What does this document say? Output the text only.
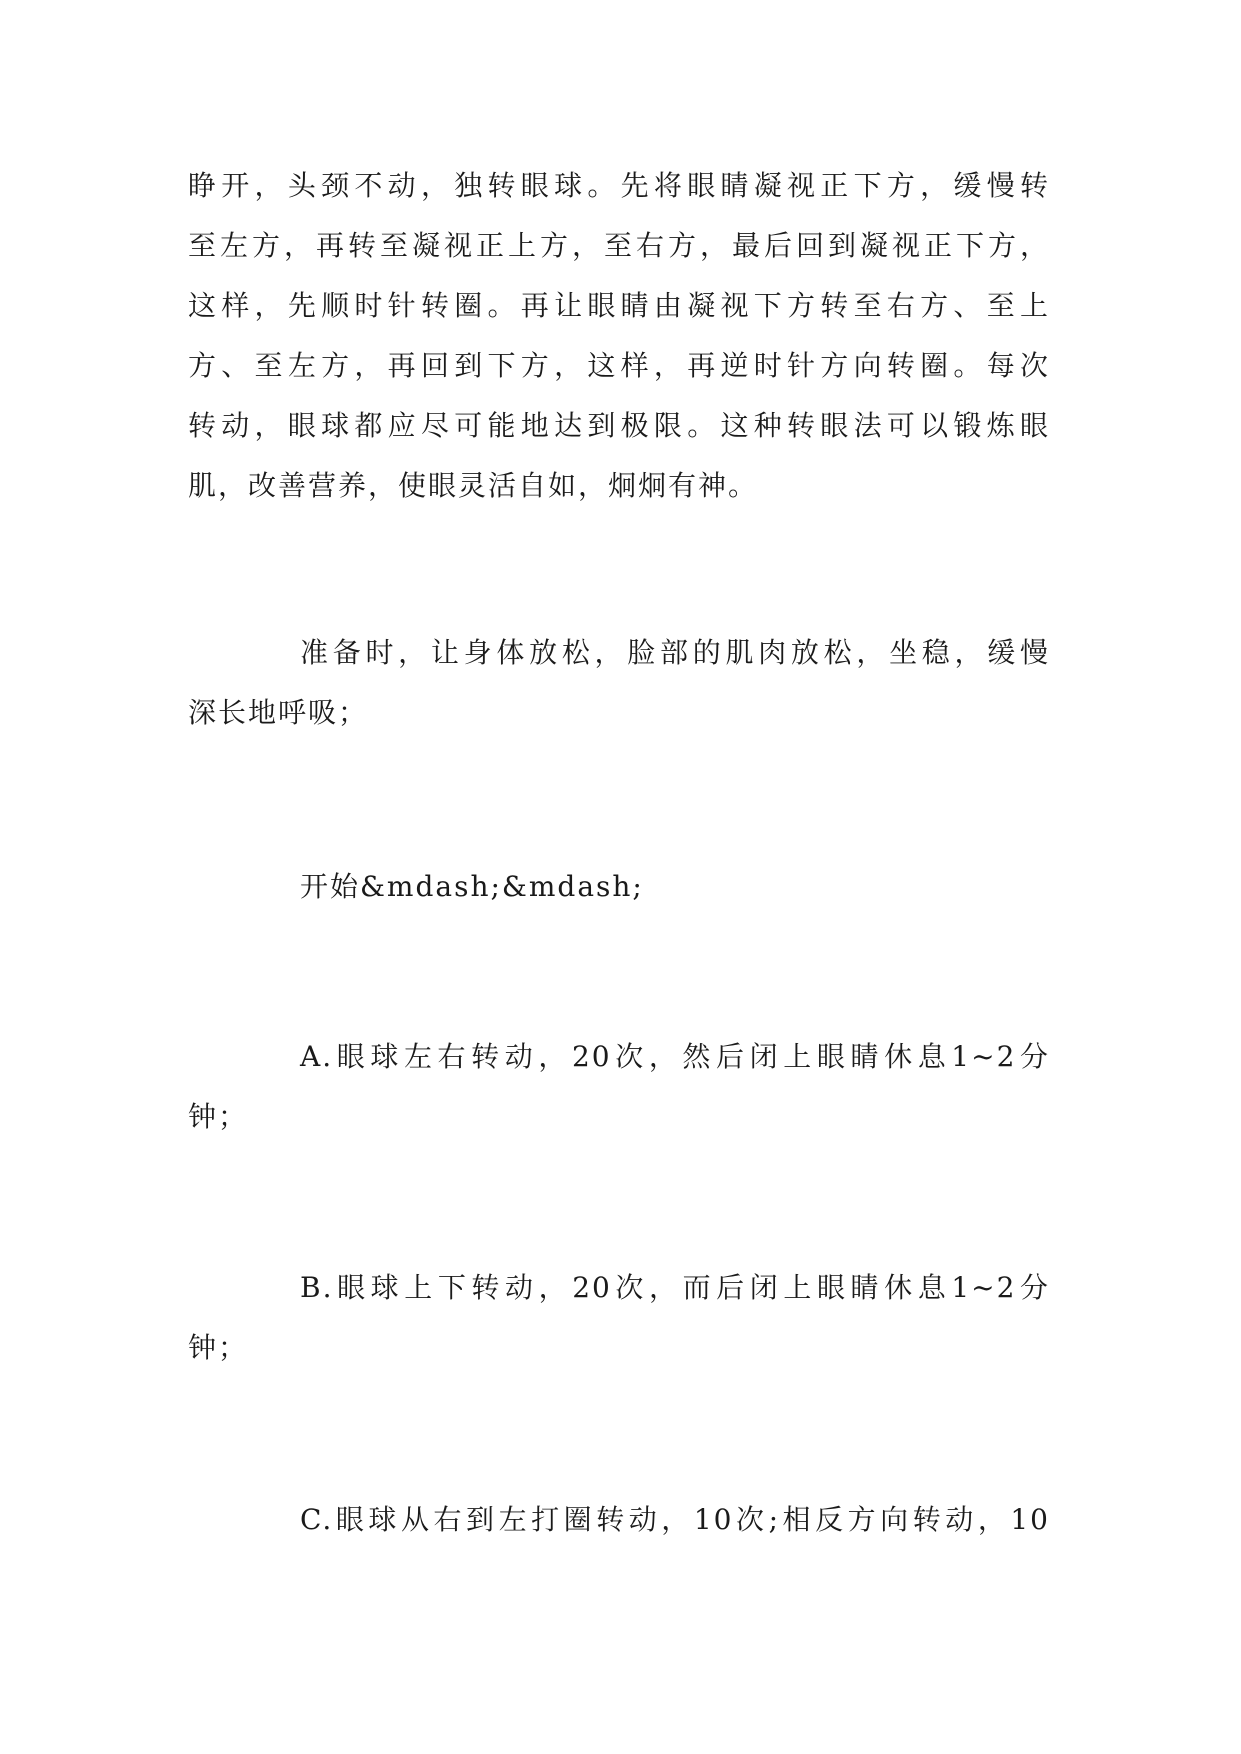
睁开，头颈不动，独转眼球。先将眼睛凝视正下方，缓慢转
至左方，再转至凝视正上方，至右方，最后回到凝视正下方，
这样，先顺时针转圈。再让眼睛由凝视下方转至右方、至上
方、至左方，再回到下方，这样，再逆时针方向转圈。每次
转动，眼球都应尽可能地达到极限。这种转眼法可以锻炼眼
肌，改善营养，使眼灵活自如，炯炯有神。
准备时，让身体放松，脸部的肌肉放松，坐稳，缓慢
深长地呼吸；
开始&mdash;&mdash;
A.眼球左右转动，20次，然后闭上眼睛休息1~2分
钟；
B.眼球上下转动，20次，而后闭上眼睛休息1~2分
钟；
C.眼球从右到左打圈转动，10次;相反方向转动，10
